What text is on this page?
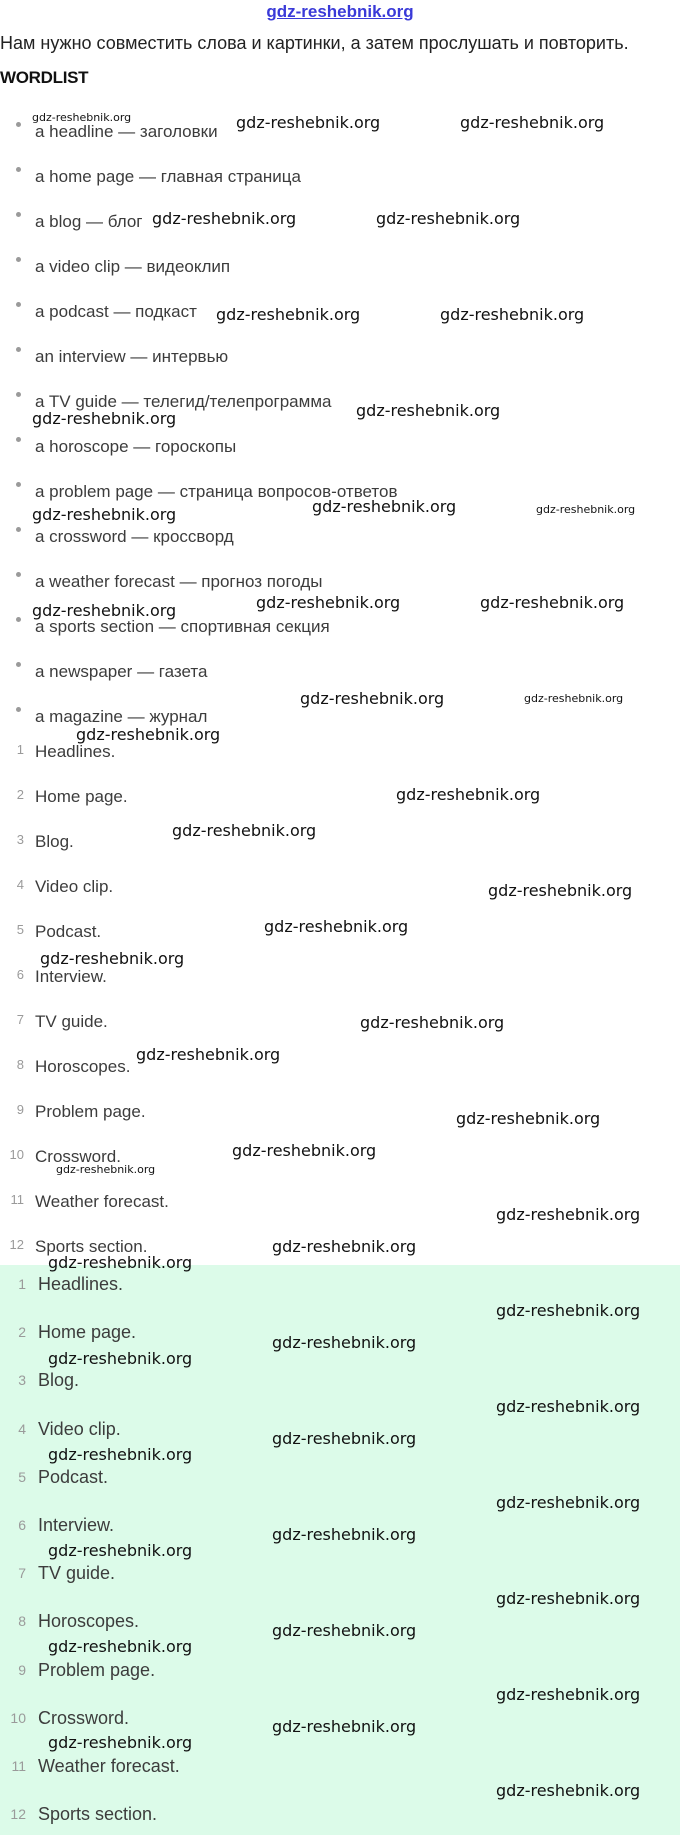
gdz-reshebnik.org
Нам нужно совместить слова и картинки, а затем прослушать и повторить.
WORDLIST
a headline — заголовки
a home page — главная страница
a blog — блог
a video clip — видеоклип
a podcast — подкаст
an interview — интервью
a TV guide — телегид/телепрограмма
a horoscope — гороскопы
a problem page — страница вопросов-ответов
a crossword — кроссворд
a weather forecast — прогноз погоды
a sports section — спортивная секция
a newspaper — газета
a magazine — журнал
1 Headlines.
2 Home page.
3 Blog.
4 Video clip.
5 Podcast.
6 Interview.
7 TV guide.
8 Horoscopes.
9 Problem page.
10 Crossword.
11 Weather forecast.
12 Sports section.
1 Headlines.
2 Home page.
3 Blog.
4 Video clip.
5 Podcast.
6 Interview.
7 TV guide.
8 Horoscopes.
9 Problem page.
10 Crossword.
11 Weather forecast.
12 Sports section.
gdz-reshebnik.org	gdz-reshebnik.org	gdz-reshebnik.org
gdz-reshebnik.org	gdz-reshebnik.org
gdz-reshebnik.org	gdz-reshebnik.org
gdz-reshebnik.org	gdz-reshebnik.org
gdz-reshebnik.org	gdz-reshebnik.org	gdz-reshebnik.org
gdz-reshebnik.org	gdz-reshebnik.org	gdz-reshebnik.org
gdz-reshebnik.org	gdz-reshebnik.org
gdz-reshebnik.org
gdz-reshebnik.org
gdz-reshebnik.org
gdz-reshebnik.org
gdz-reshebnik.org
gdz-reshebnik.org
gdz-reshebnik.org
gdz-reshebnik.org
gdz-reshebnik.org
gdz-reshebnik.org
gdz-reshebnik.org
gdz-reshebnik.org
gdz-reshebnik.org
gdz-reshebnik.org
gdz-reshebnik.org
gdz-reshebnik.org
gdz-reshebnik.org
gdz-reshebnik.org
gdz-reshebnik.org
gdz-reshebnik.org
gdz-reshebnik.org
gdz-reshebnik.org
gdz-reshebnik.org
gdz-reshebnik.org
gdz-reshebnik.org
gdz-reshebnik.org
gdz-reshebnik.org
gdz-reshebnik.org
gdz-reshebnik.org
gdz-reshebnik.org
